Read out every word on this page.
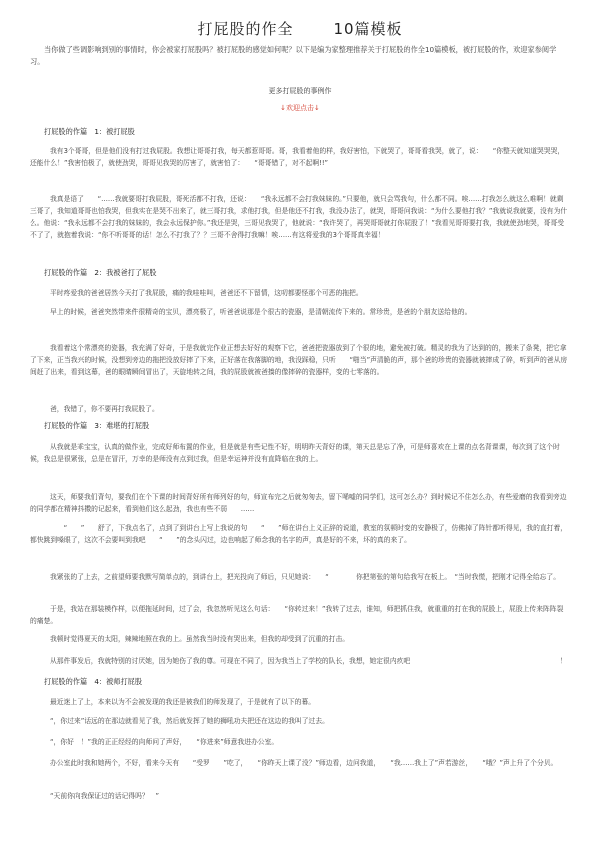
打屁股的作全	10篇模板
当你做了些调影响到别的事情时，你会被家打屁股吗？被打屁股的感觉如何呢？以下是编为家整理推荐关于打屁股的作全10篇模板，被打屁股的作，欢迎家参阅学习。
更多打屁股的事例作
↓欢迎点击↓
打屁股的作篇　1：被打屁股
我有3个哥哥，但是他们没有打过我屁股。我想让哥哥打我，每天都惹哥哥。哥，我看着他的样，我好害怕，下就哭了，哥哥看我哭，就了，说：　　“你整天就知道哭哭哭，还能什么！”我害怕极了，就使劲哭，哥哥见我哭的厉害了，就害怕了：　　“哥哥错了，对不起啊!!”
我真是语了　　“……我就要哥打我屁股，哥死活都不打我，还说：　　“我永远都不会打我妹妹的。”只要他，就只会骂我句，什么都不同。唉……打我怎么就这么难啊！就剩三哥了，我知道哥哥也怕我哭，但我实在是哭不出来了，就三哥打我，求他打我，但是他还不打我，我没办法了，就哭，哥哥问我说：“为什么要他打我？”我就说我就要，没有为什么。他说：“我永远都不会打我的妹妹的，我会永远保护你。”我还是哭，三哥见我哭了，他就说：“我许哭了，再哭哥哥就打你屁股了！”我看见哥哥要打我，我就使劲地哭，哥哥受不了了，就抱着我说：“你不听哥哥的话！怎么不打我了？？三哥不舍得打我嘛！唉……有这将爱我的3个哥哥真幸福！
打屁股的作篇　2：我被爸打了屁股
平时疼爱我的爸爸居然今天打了我屁股，痛的我哇哇叫，爸爸还不下留情，这叨都要怪那个可恶的拖把。
早上的时候，爸爸突然带来件很精奇的宝贝，漂亮极了，听爸爸说那是个很古的瓷器，是清朝流传下来的。常珍贵，是爸的个朋友送给他的。
我看着这个常漂亮的瓷器，我充满了好奇，于是我就完作业正想去好好的观察下它，爸爸把瓷器放到了个很的地，避免被打破。精灵的我为了达到的的，搬来了条凳，把它拿了下来，正当我兴的时候，没想到旁边的拖把没放好摔了下来，正好落在我落脚的地，我没踩稳，只听　　“啪当”声清脆的声，那个爸的珍贵的瓷器就被摔成了碎，听到声的爸从房间赶了出来，看到这幕，爸的眼睛瞬间冒出了，天旋地转之间，我的屁股就被爸揍的像摔碎的瓷器样，变的七零落的。
爸，我错了，你不要再打我屁股了。
打屁股的作篇　3：难堪的打屁股
从我就是乖宝宝，认真的做作业，完成好师布置的作业，但是就是有些记性不好，明明昨天背好的课，第天总是忘了净，可是师喜欢在上课的点名背课课，每次到了这个时候，我总是很紧张，总是在冒汗，万幸的是师没有点到过我，但是幸运神并没有直降临在我的上。
这天，师要我们背句，要我们在个下课的时间背好所有师列好的句，师宣布完之后就匆匆去，留下唏嘘的同学们，这可怎么办？到时候记不住怎么办，有些爱磨的我看到旁边的同学都在精神抖擞的记起来，看到他们这么起劲，我也有些不弱　　……
　　“　　”　　舒了，下我点名了，点到了到讲台上写上我说的句　　“　　”师在讲台上义正辞的说道，教室的氛顿时变的安静极了，仿佛掉了阵针都听得见，我的直打着，都快跳到嗓眼了，这次不会要叫到我吧　　“　　”的念头闪过，边也响起了师念我的名字的声，真是好的不来，坏的真的来了。
我紧张的了上去，之前望师要我默写简单点的，到讲台上，把光投向了师后，只见她说：　　“　　　　你把第张的第句给我写在板上。　“当时我慌，把刚才记得全给忘了。
于是，我站在那装模作样，以便拖延时间，过了会，我忽然听见这么句话：　　“你转过来！”我转了过去，谁知，师把抓住我，就重重的打在我的屁股上，屁股上传来阵阵裂的痛楚。
我顿时觉得夏天的太阳，辣辣地照在我的上。虽然我当时没有哭出来，但我的却受到了沉重的打击。
从那件事发后，我就特别的讨厌她，因为她伤了我的尊。可现在不同了，因为我当上了学校的队长，我想，她定很内疚吧　　　　　　　　　　　　　　　　　　　　　　！
打屁股的作篇　4：被师打屁股
最近迷上了上，本来以为不会被发现的我还是被我们的师发现了，于是就有了以下的幕。
“，你过来”话远的在那边就看见了我，然后就发挥了她的狮吼功夫把还在这边的我叫了过去。
“，你好　！”我的正正经经的向师问了声好，　　“你进来”师意我进办公室。
办公室此时我和她两个，不好，看来今天有　　“受罗　　”吃了，　　“你昨天上课了没？”师边看，边问我道，　　“我……我上了”声若游丝，　　“哦？”声上升了个分贝。
“天前你向我保证过的话记得吗？　”
